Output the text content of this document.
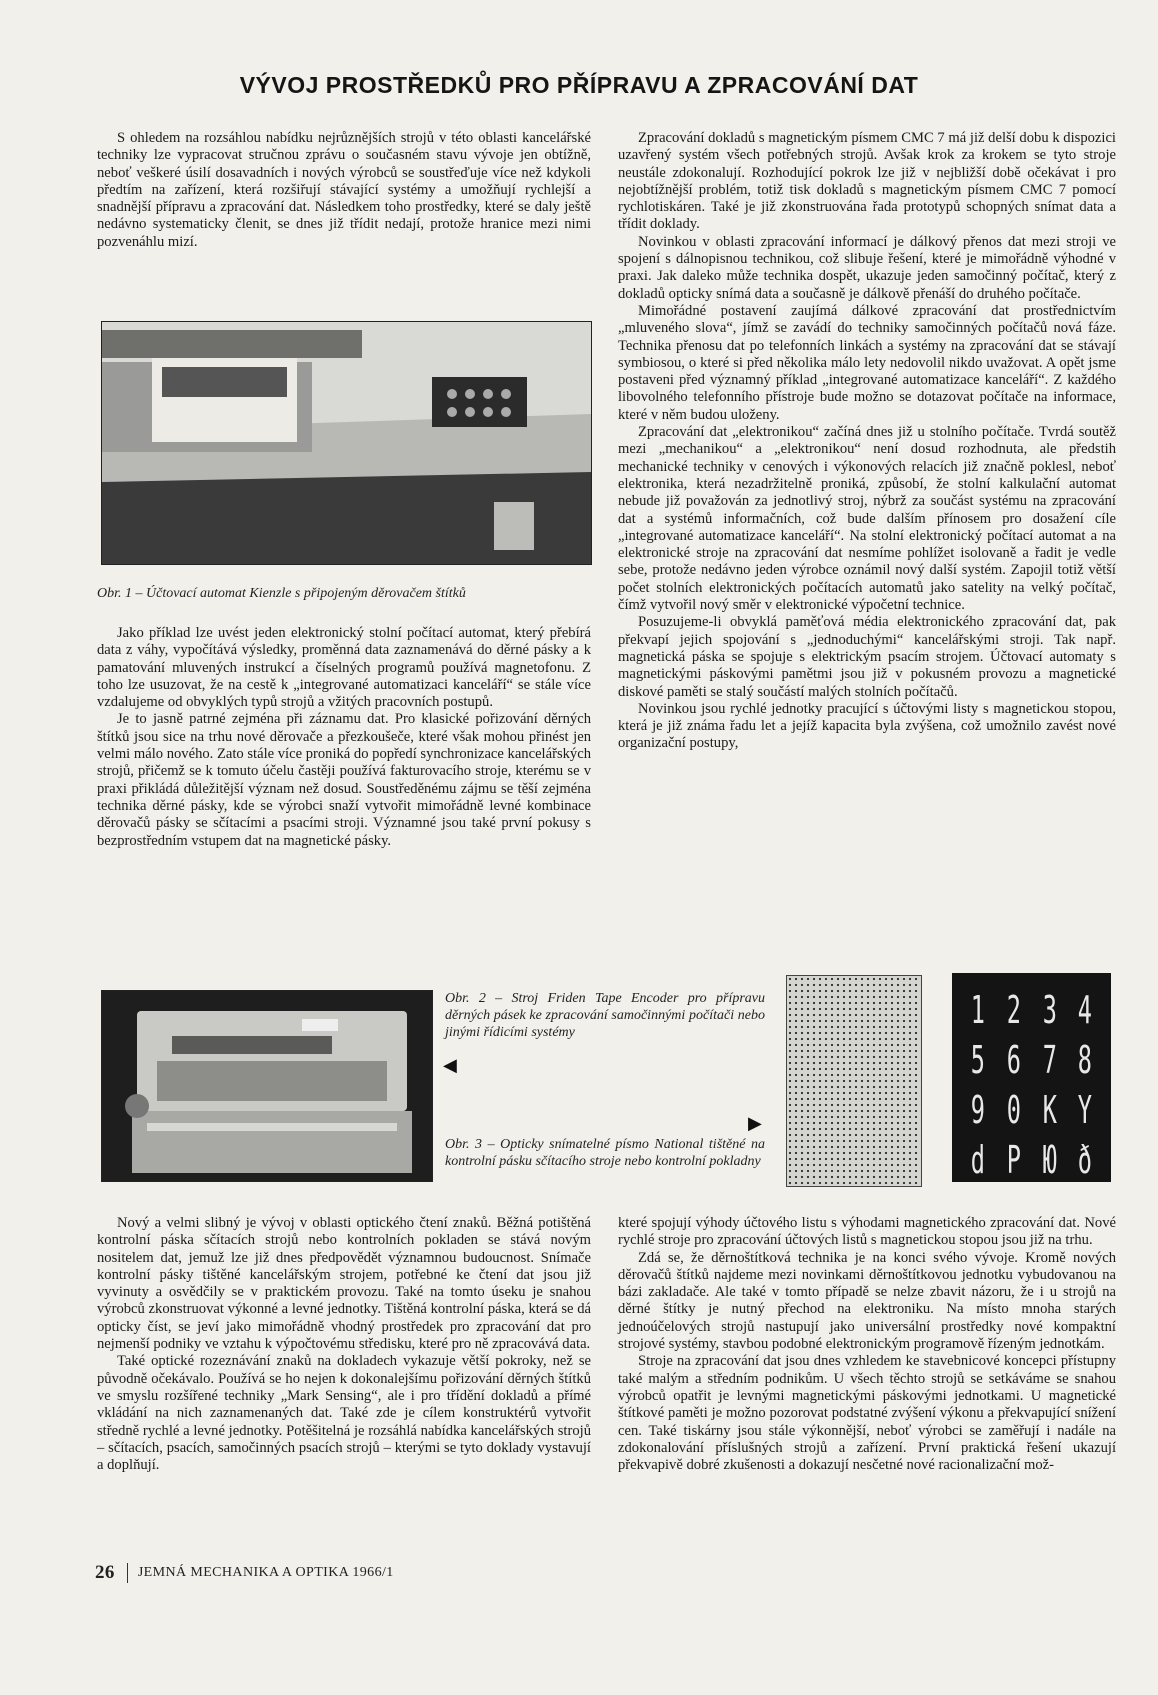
VÝVOJ PROSTŘEDKŮ PRO PŘÍPRAVU A ZPRACOVÁNÍ DAT

S ohledem na rozsáhlou nabídku nejrůznějších strojů v této oblasti kancelářské techniky lze vypracovat stručnou zprávu o současném stavu vývoje jen obtížně, neboť veškeré úsilí dosavadních i nových výrobců se soustřeďuje více než kdykoli předtím na zařízení, která rozšiřují stávající systémy a umožňují rychlejší a snadnější přípravu a zpracování dat. Následkem toho prostředky, které se daly ještě nedávno systematicky členit, se dnes již třídit nedají, protože hranice mezi nimi pozvenáhlu mizí.

Obr. 1 – Účtovací automat Kienzle s připojeným děrovačem štítků

Jako příklad lze uvést jeden elektronický stolní počítací automat, který přebírá data z váhy, vypočítává výsledky, proměnná data zaznamenává do děrné pásky a k pamatování mluvených instrukcí a číselných programů používá magnetofonu. Z toho lze usuzovat, že na cestě k „integrované automatizaci kanceláří“ se stále více vzdalujeme od obvyklých typů strojů a vžitých pracovních postupů.

Je to jasně patrné zejména při záznamu dat. Pro klasické pořizování děrných štítků jsou sice na trhu nové děrovače a přezkoušeče, které však mohou přinést jen velmi málo nového. Zato stále více proniká do popředí synchronizace kancelářských strojů, přičemž se k tomuto účelu častěji používá fakturovacího stroje, kterému se v praxi přikládá důležitější význam než dosud. Soustředěnému zájmu se těší zejména technika děrné pásky, kde se výrobci snaží vytvořit mimořádně levné kombinace děrovačů pásky se sčítacími a psacími stroji. Významné jsou také první pokusy s bezprostředním vstupem dat na magnetické pásky.

Zpracování dokladů s magnetickým písmem CMC 7 má již delší dobu k dispozici uzavřený systém všech potřebných strojů. Avšak krok za krokem se tyto stroje neustále zdokonalují. Rozhodující pokrok lze již v nejbližší době očekávat i pro nejobtížnější problém, totiž tisk dokladů s magnetickým písmem CMC 7 pomocí rychlotiskáren. Také je již zkonstruována řada prototypů schopných snímat data a třídit doklady.

Novinkou v oblasti zpracování informací je dálkový přenos dat mezi stroji ve spojení s dálnopisnou technikou, což slibuje řešení, které je mimořádně výhodné v praxi. Jak daleko může technika dospět, ukazuje jeden samočinný počítač, který z dokladů opticky snímá data a současně je dálkově přenáší do druhého počítače.

Mimořádné postavení zaujímá dálkové zpracování dat prostřednictvím „mluveného slova“, jímž se zavádí do techniky samočinných počítačů nová fáze. Technika přenosu dat po telefonních linkách a systémy na zpracování dat se stávají symbiosou, o které si před několika málo lety nedovolil nikdo uvažovat. A opět jsme postaveni před významný příklad „integrované automatizace kanceláří“. Z každého libovolného telefonního přístroje bude možno se dotazovat počítače na informace, které v něm budou uloženy.

Zpracování dat „elektronikou“ začíná dnes již u stolního počítače. Tvrdá soutěž mezi „mechanikou“ a „elektronikou“ není dosud rozhodnuta, ale předstih mechanické techniky v cenových i výkonových relacích již značně poklesl, neboť elektronika, která nezadržitelně proniká, způsobí, že stolní kalkulační automat nebude již považován za jednotlivý stroj, nýbrž za součást systému na zpracování dat a systémů informačních, což bude dalším přínosem pro dosažení cíle „integrované automatizace kanceláří“. Na stolní elektronický počítací automat a na elektronické stroje na zpracování dat nesmíme pohlížet isolovaně a řadit je vedle sebe, protože nedávno jeden výrobce oznámil nový další systém. Zapojil totiž větší počet stolních elektronických počítacích automatů jako satelity na velký počítač, čímž vytvořil nový směr v elektronické výpočetní technice.

Posuzujeme-li obvyklá paměťová média elektronického zpracování dat, pak překvapí jejich spojování s „jednoduchými“ kancelářskými stroji. Tak např. magnetická páska se spojuje s elektrickým psacím strojem. Účtovací automaty s magnetickými páskovými pamětmi jsou již v pokusném provozu a magnetické diskové paměti se stalý součástí malých stolních počítačů.

Novinkou jsou rychlé jednotky pracující s účtovými listy s magnetickou stopou, která je již známa řadu let a jejíž kapacita byla zvýšena, což umožnilo zavést nové organizační postupy,

Obr. 2 – Stroj Friden Tape Encoder pro přípravu děrných pásek ke zpracování samočinnými počítači nebo jinými řídicími systémy
◀
▶
Obr. 3 – Opticky snímatelné písmo National tištěné na kontrolní pásku sčítacího stroje nebo kontrolní pokladny
1 2 3 4
5 6 7 8
9 0 K Y
d P Ю ð

Nový a velmi slibný je vývoj v oblasti optického čtení znaků. Běžná potištěná kontrolní páska sčítacích strojů nebo kontrolních pokladen se stává novým nositelem dat, jemuž lze již dnes předpovědět významnou budoucnost. Snímače kontrolní pásky tištěné kancelářským strojem, potřebné ke čtení dat jsou již vyvinuty a osvědčily se v praktickém provozu. Také na tomto úseku je snahou výrobců zkonstruovat výkonné a levné jednotky. Tištěná kontrolní páska, která se dá opticky číst, se jeví jako mimořádně vhodný prostředek pro zpracování dat pro nejmenší podniky ve vztahu k výpočtovému středisku, které pro ně zpracovává data.

Také optické rozeznávání znaků na dokladech vykazuje větší pokroky, než se původně očekávalo. Používá se ho nejen k dokonalejšímu pořizování děrných štítků ve smyslu rozšířené techniky „Mark Sensing“, ale i pro třídění dokladů a přímé vkládání na nich zaznamenaných dat. Také zde je cílem konstruktérů vytvořit středně rychlé a levné jednotky. Potěšitelná je rozsáhlá nabídka kancelářských strojů – sčítacích, psacích, samočinných psacích strojů – kterými se tyto doklady vystavují a doplňují.

které spojují výhody účtového listu s výhodami magnetického zpracování dat. Nové rychlé stroje pro zpracování účtových listů s magnetickou stopou jsou již na trhu.

Zdá se, že děrnoštítková technika je na konci svého vývoje. Kromě nových děrovačů štítků najdeme mezi novinkami děrnoštítkovou jednotku vybudovanou na bázi zakladače. Ale také v tomto případě se nelze zbavit názoru, že i u strojů na děrné štítky je nutný přechod na elektroniku. Na místo mnoha starých jednoúčelových strojů nastupují jako universální prostředky nové kompaktní strojové systémy, stavbou podobné elektronickým programově řízeným jednotkám.

Stroje na zpracování dat jsou dnes vzhledem ke stavebnicové koncepci přístupny také malým a středním podnikům. U všech těchto strojů se setkáváme se snahou výrobců opatřit je levnými magnetickými páskovými jednotkami. U magnetické štítkové paměti je možno pozorovat podstatné zvýšení výkonu a překvapující snížení cen. Také tiskárny jsou stále výkonnější, neboť výrobci se zaměřují i nadále na zdokonalování příslušných strojů a zařízení. První praktická řešení ukazují překvapivě dobré zkušenosti a dokazují nesčetné nové racionalizační mož-

26 JEMNÁ MECHANIKA A OPTIKA 1966/1
